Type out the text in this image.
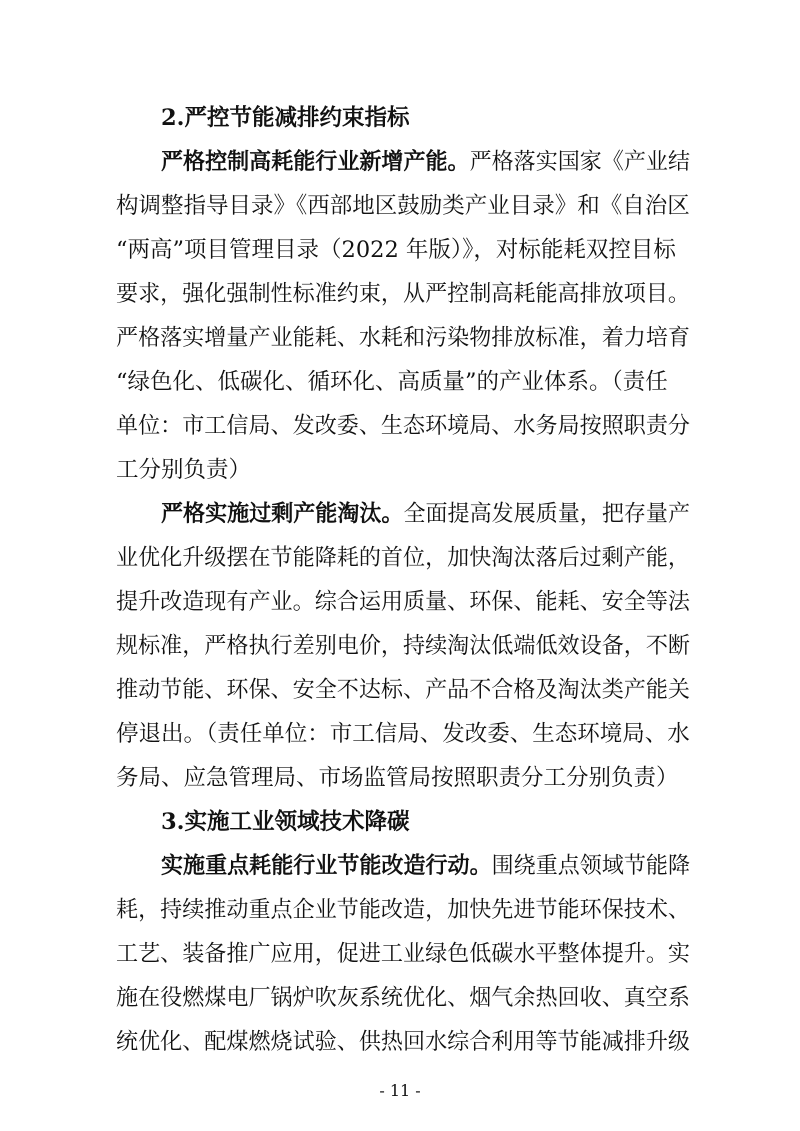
2.严控节能减排约束指标
严格控制高耗能行业新增产能。严格落实国家《产业结
构调整指导目录》《西部地区鼓励类产业目录》和《自治区
“两高”项目管理目录（2022 年版）》，对标能耗双控目标
要求，强化强制性标准约束，从严控制高耗能高排放项目。
严格落实增量产业能耗、水耗和污染物排放标准，着力培育
“绿色化、低碳化、循环化、高质量”的产业体系。（责任
单位：市工信局、发改委、生态环境局、水务局按照职责分
工分别负责）
严格实施过剩产能淘汰。全面提高发展质量，把存量产
业优化升级摆在节能降耗的首位，加快淘汰落后过剩产能，
提升改造现有产业。综合运用质量、环保、能耗、安全等法
规标准，严格执行差别电价，持续淘汰低端低效设备，不断
推动节能、环保、安全不达标、产品不合格及淘汰类产能关
停退出。（责任单位：市工信局、发改委、生态环境局、水
务局、应急管理局、市场监管局按照职责分工分别负责）
3.实施工业领域技术降碳
实施重点耗能行业节能改造行动。围绕重点领域节能降
耗，持续推动重点企业节能改造，加快先进节能环保技术、
工艺、装备推广应用，促进工业绿色低碳水平整体提升。实
施在役燃煤电厂锅炉吹灰系统优化、烟气余热回收、真空系
统优化、配煤燃烧试验、供热回水综合利用等节能减排升级
- 11 -
